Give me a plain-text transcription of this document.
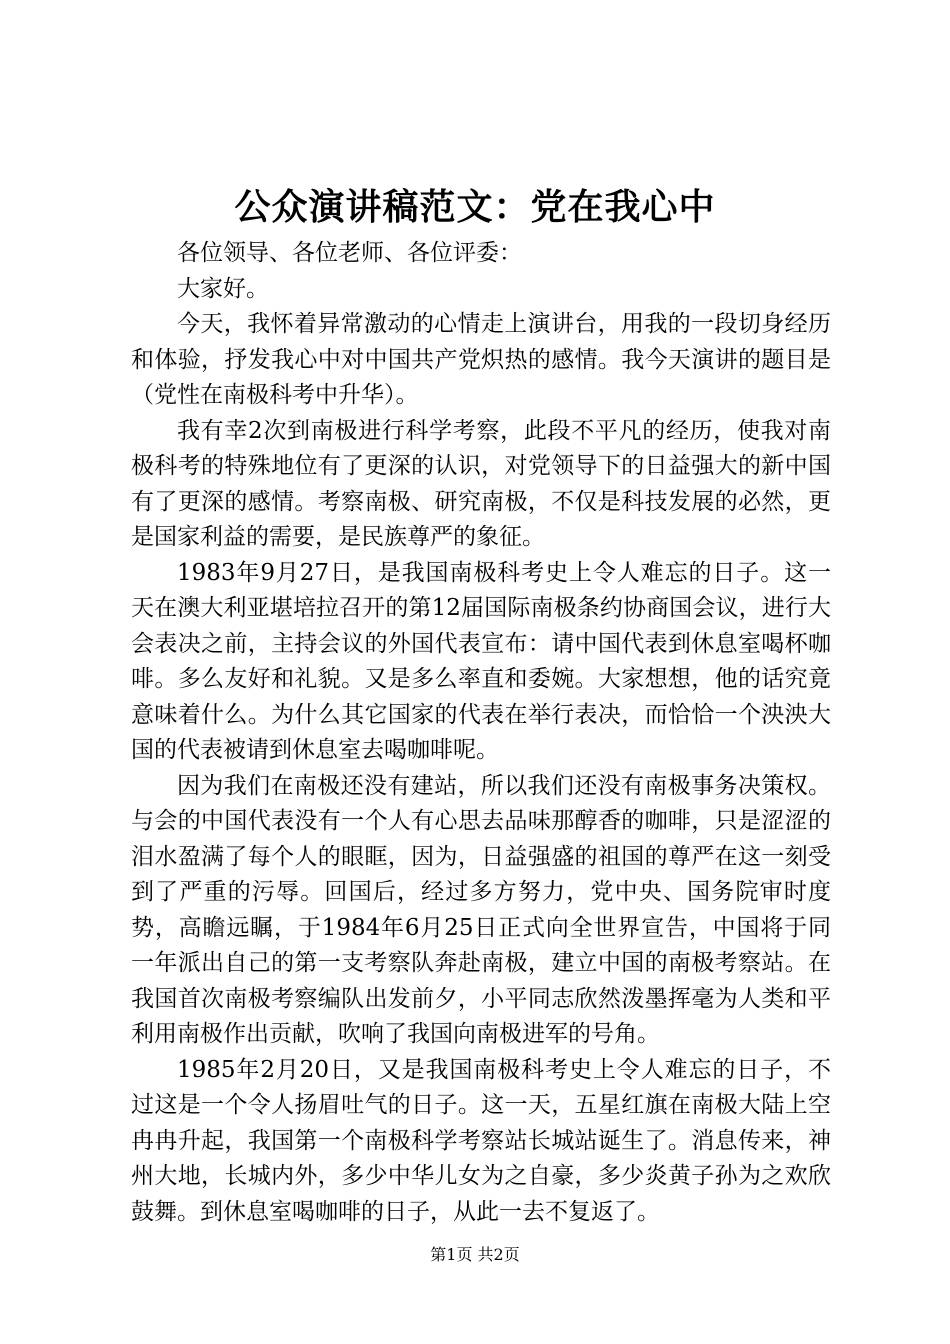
公众演讲稿范文：党在我心中

各位领导、各位老师、各位评委：

大家好。

今天，我怀着异常激动的心情走上演讲台，用我的一段切身经历和体验，抒发我心中对中国共产党炽热的感情。我今天演讲的题目是（党性在南极科考中升华）。

我有幸2次到南极进行科学考察，此段不平凡的经历，使我对南极科考的特殊地位有了更深的认识，对党领导下的日益强大的新中国有了更深的感情。考察南极、研究南极，不仅是科技发展的必然，更是国家利益的需要，是民族尊严的象征。

1983年9月27日，是我国南极科考史上令人难忘的日子。这一天在澳大利亚堪培拉召开的第12届国际南极条约协商国会议，进行大会表决之前，主持会议的外国代表宣布：请中国代表到休息室喝杯咖啡。多么友好和礼貌。又是多么率直和委婉。大家想想，他的话究竟意味着什么。为什么其它国家的代表在举行表决，而恰恰一个泱泱大国的代表被请到休息室去喝咖啡呢。

因为我们在南极还没有建站，所以我们还没有南极事务决策权。与会的中国代表没有一个人有心思去品味那醇香的咖啡，只是涩涩的泪水盈满了每个人的眼眶，因为，日益强盛的祖国的尊严在这一刻受到了严重的污辱。回国后，经过多方努力，党中央、国务院审时度势，高瞻远瞩，于1984年6月25日正式向全世界宣告，中国将于同一年派出自己的第一支考察队奔赴南极，建立中国的南极考察站。在我国首次南极考察编队出发前夕，小平同志欣然泼墨挥毫为人类和平利用南极作出贡献，吹响了我国向南极进军的号角。

1985年2月20日，又是我国南极科考史上令人难忘的日子，不过这是一个令人扬眉吐气的日子。这一天，五星红旗在南极大陆上空冉冉升起，我国第一个南极科学考察站长城站诞生了。消息传来，神州大地，长城内外，多少中华儿女为之自豪，多少炎黄子孙为之欢欣鼓舞。到休息室喝咖啡的日子，从此一去不复返了。

第1页 共2页
